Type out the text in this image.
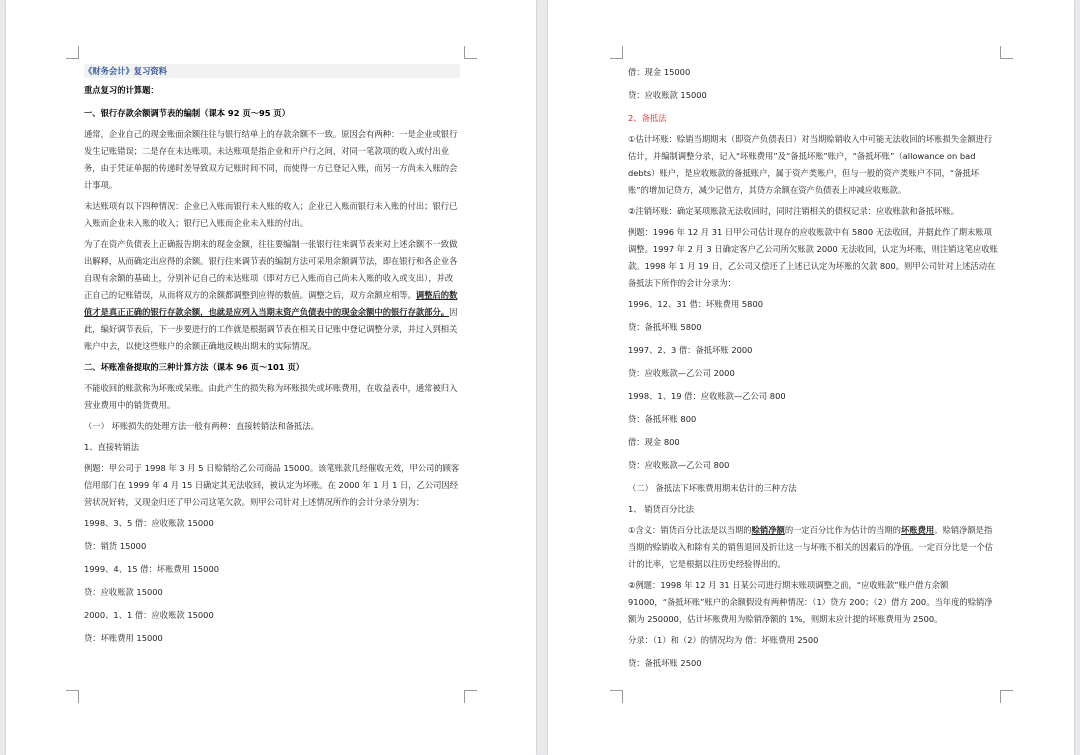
《财务会计》复习资料

重点复习的计算题：

一、银行存款余额调节表的编制（课本 92 页～95 页）

通常，企业自己的现金账面余额往往与银行结单上的存款余额不一致。原因会有两种：一是企业或银行发生记账错误；二是存在未达账项。未达账项是指企业和开户行之间，对同一笔款项的收入或付出业务，由于凭证单据的传递时差导致双方记账时间不同，而使得一方已登记入账，而另一方尚未入账的会计事项。

未达账项有以下四种情况：企业已入账而银行未入账的收入；企业已入账而银行未入账的付出；银行已入账而企业未入账的收入；银行已入账而企业未入账的付出。

为了在资产负债表上正确报告期末的现金金额，往往要编制一张银行往来调节表来对上述余额不一致做出解释，从而确定出应得的余额。银行往来调节表的编制方法可采用余额调节法，即在银行和各企业各自现有余额的基础上，分别补记自己的未达账项（即对方已入账而自己尚未入账的收入或支出），并改正自己的记账错误，从而将双方的余额都调整到应得的数值。调整之后，双方余额应相等。调整后的数值才是真正正确的银行存款余额，也就是应列入当期末资产负债表中的现金余额中的银行存款部分。因此，编好调节表后，下一步要进行的工作就是根据调节表在相关日记账中登记调整分录，并过入到相关账户中去，以使这些账户的余额正确地反映出期末的实际情况。

二、坏账准备提取的三种计算方法（课本 96 页～101 页）

不能收回的账款称为坏账或呆账。由此产生的损失称为坏账损失或坏账费用，在收益表中，通常被归入营业费用中的销货费用。

（一） 坏账损失的处理方法一般有两种：直接转销法和备抵法。

1、直接转销法

例题：甲公司于 1998 年 3 月 5 日赊销给乙公司商品 15000。该笔账款几经催收无效，甲公司的顾客信用部门在 1999 年 4 月 15 日确定其无法收回，被认定为坏账。在 2000 年 1 月 1 日，乙公司因经营状况好转，又现金归还了甲公司这笔欠款。则甲公司针对上述情况所作的会计分录分别为：

1998、3、5 借：应收账款 15000

贷：销货 15000

1999、4、15 借：坏账费用 15000

贷：应收账款 15000

2000、1、1 借：应收账款 15000

贷：坏账费用 15000

借：现金 15000

贷：应收账款 15000

2、备抵法

①估计坏账：赊销当期期末（即资产负债表日）对当期赊销收入中可能无法收回的坏账损失金额进行估计，并编制调整分录，记入“坏账费用”及“备抵坏账”账户，“备抵坏账”（allowance on bad debts）账户，是应收账款的备抵账户，属于资产类账户，但与一般的资产类账户不同，“备抵坏账”的增加记贷方，减少记借方，其贷方余额在资产负债表上冲减应收账款。

②注销坏账：确定某项账款无法收回时，同时注销相关的债权记录：应收账款和备抵坏账。

例题：1996 年 12 月 31 日甲公司估计现存的应收账款中有 5800 无法收回，并据此作了期末账项调整。1997 年 2 月 3 日确定客户乙公司所欠账款 2000 无法收回，认定为坏账，则注销这笔应收账款。1998 年 1 月 19 日，乙公司又偿还了上述已认定为坏账的欠款 800。则甲公司针对上述活动在备抵法下所作的会计分录为：

1996、12、31 借：坏账费用 5800

贷：备抵坏账 5800

1997、2、3 借：备抵坏账 2000

贷：应收账款—乙公司 2000

1998、1、19 借：应收账款—乙公司 800

贷：备抵坏账 800

借：现金 800

贷：应收账款—乙公司 800

（二） 备抵法下坏账费用期末估计的三种方法

1、 销货百分比法

①含义：销货百分比法是以当期的赊销净额的一定百分比作为估计的当期的坏账费用。赊销净额是指当期的赊销收入和除有关的销售退回及折让这一与坏账不相关的因素后的净值。一定百分比是一个估计的比率，它是根据以往历史经验得出的。

②例题：1998 年 12 月 31 日某公司进行期末账项调整之前，“应收账款”账户借方余额 91000，“备抵坏账”账户的余额假设有两种情况：（1）贷方 200；（2）借方 200。当年度的赊销净额为 250000，估计坏账费用为赊销净额的 1%，则期末应计提的坏账费用为 2500。

分录：（1）和（2）的情况均为 借：坏账费用 2500

贷：备抵坏账 2500
